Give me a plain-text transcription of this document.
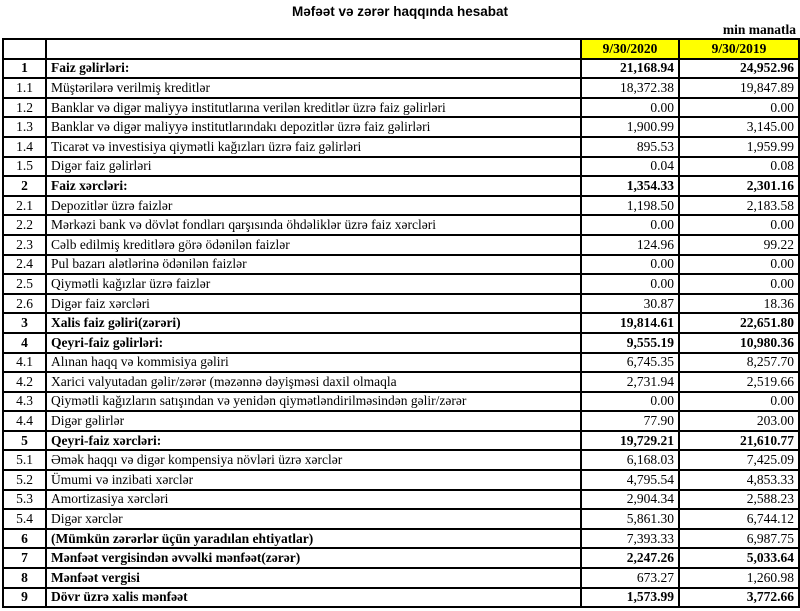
Məfəət və zərər haqqında hesabat
min manatla
		9/30/2020	9/30/2019
1	Faiz gəlirləri:	21,168.94	24,952.96
1.1	Müştərilərə verilmiş kreditlər	18,372.38	19,847.89
1.2	Banklar və digər maliyyə institutlarına verilən kreditlər üzrə faiz gəlirləri	0.00	0.00
1.3	Banklar və digər maliyyə institutlarındakı depozitlər üzrə faiz gəlirləri	1,900.99	3,145.00
1.4	Ticarət və investisiya qiymətli kağızları üzrə faiz gəlirləri	895.53	1,959.99
1.5	Digər faiz gəlirləri	0.04	0.08
2	Faiz xərcləri:	1,354.33	2,301.16
2.1	Depozitlər üzrə faizlər	1,198.50	2,183.58
2.2	Mərkəzi bank və dövlət fondları qarşısında öhdəliklər üzrə faiz xərcləri	0.00	0.00
2.3	Cəlb edilmiş kreditlərə görə ödənilən faizlər	124.96	99.22
2.4	Pul bazarı alətlərinə ödənilən faizlər	0.00	0.00
2.5	Qiymətli kağızlar üzrə faizlər	0.00	0.00
2.6	Digər faiz xərcləri	30.87	18.36
3	Xalis faiz gəliri(zərəri)	19,814.61	22,651.80
4	Qeyri-faiz gəlirləri:	9,555.19	10,980.36
4.1	Alınan haqq və kommisiya gəliri	6,745.35	8,257.70
4.2	Xarici valyutadan gəlir/zərər (məzənnə dəyişməsi daxil olmaqla	2,731.94	2,519.66
4.3	Qiymətli kağızların satışından və yenidən qiymətləndirilməsindən gəlir/zərər	0.00	0.00
4.4	Digər gəlirlər	77.90	203.00
5	Qeyri-faiz xərcləri:	19,729.21	21,610.77
5.1	Əmək haqqı və digər kompensiya növləri üzrə xərclər	6,168.03	7,425.09
5.2	Ümumi və inzibati xərclər	4,795.54	4,853.33
5.3	Amortizasiya xərcləri	2,904.34	2,588.23
5.4	Digər xərclər	5,861.30	6,744.12
6	(Mümkün zərərlər üçün yaradılan ehtiyatlar)	7,393.33	6,987.75
7	Mənfəət vergisindən əvvəlki mənfəət(zərər)	2,247.26	5,033.64
8	Mənfəət vergisi	673.27	1,260.98
9	Dövr üzrə xalis mənfəət	1,573.99	3,772.66
